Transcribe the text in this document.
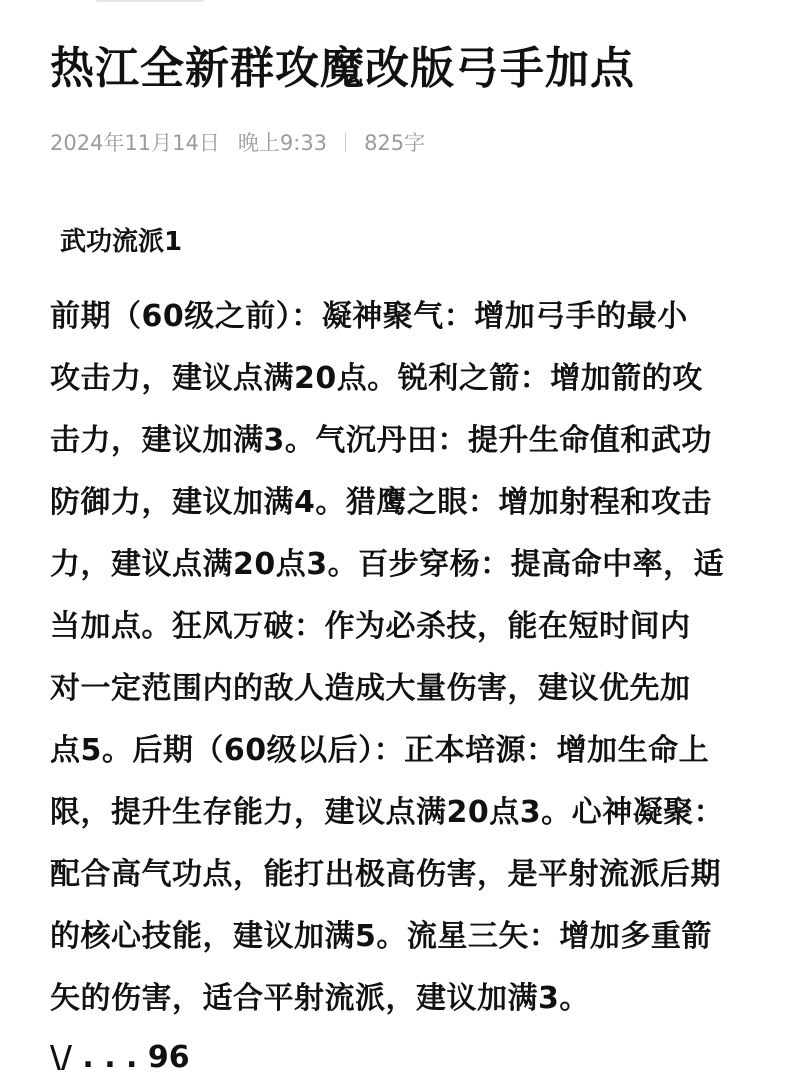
热江全新群攻魔改版弓手加点
2024年11月14日 晚上9:33 825字
武功流派1
前期（60级之前）：凝神聚气：增加弓手的最小
攻击力，建议点满20点。锐利之箭：增加箭的攻
击力，建议加满3。气沉丹田：提升生命值和武功
防御力，建议加满4。猎鹰之眼：增加射程和攻击
力，建议点满20点3。百步穿杨：提高命中率，适
当加点。狂风万破：作为必杀技，能在短时间内
对一定范围内的敌人造成大量伤害，建议优先加
点5。后期（60级以后）：正本培源：增加生命上
限，提升生存能力，建议点满20点3。心神凝聚：
配合高气功点，能打出极高伤害，是平射流派后期
的核心技能，建议加满5。流星三矢：增加多重箭
矢的伤害，适合平射流派，建议加满3。
\/ . . . 96
